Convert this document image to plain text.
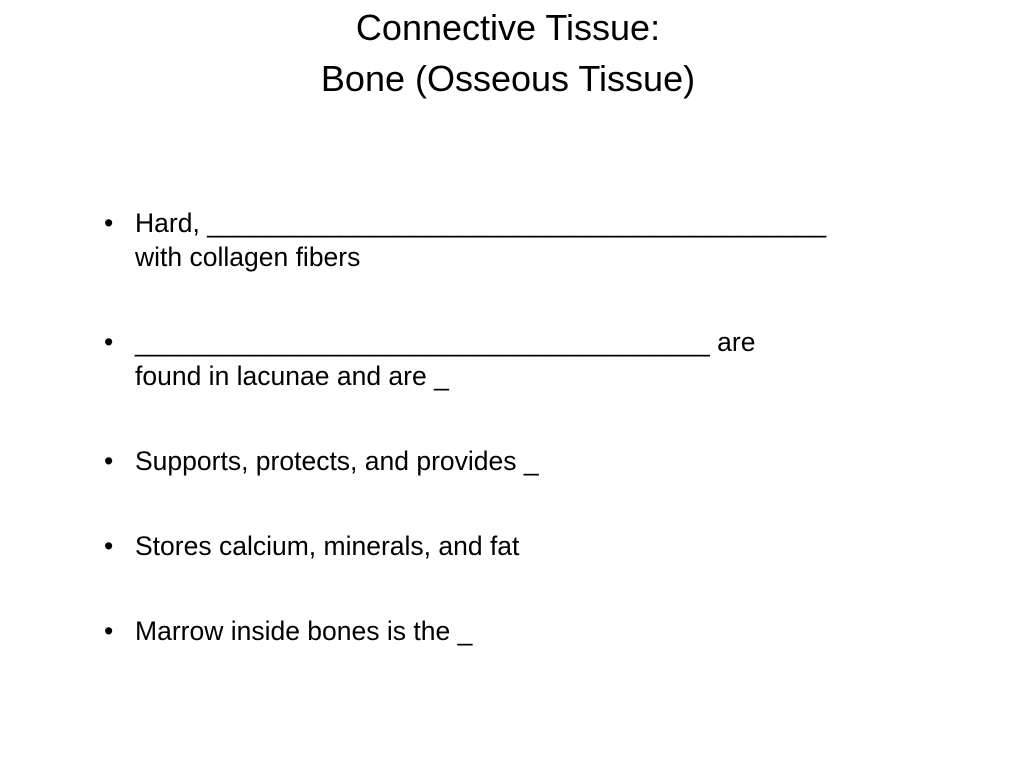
Connective Tissue:
Bone (Osseous Tissue)
• Hard, __________________________________________
with collagen fibers
• _______________________________________ are
found in lacunae and are _
• Supports, protects, and provides _
• Stores calcium, minerals, and fat
• Marrow inside bones is the _
